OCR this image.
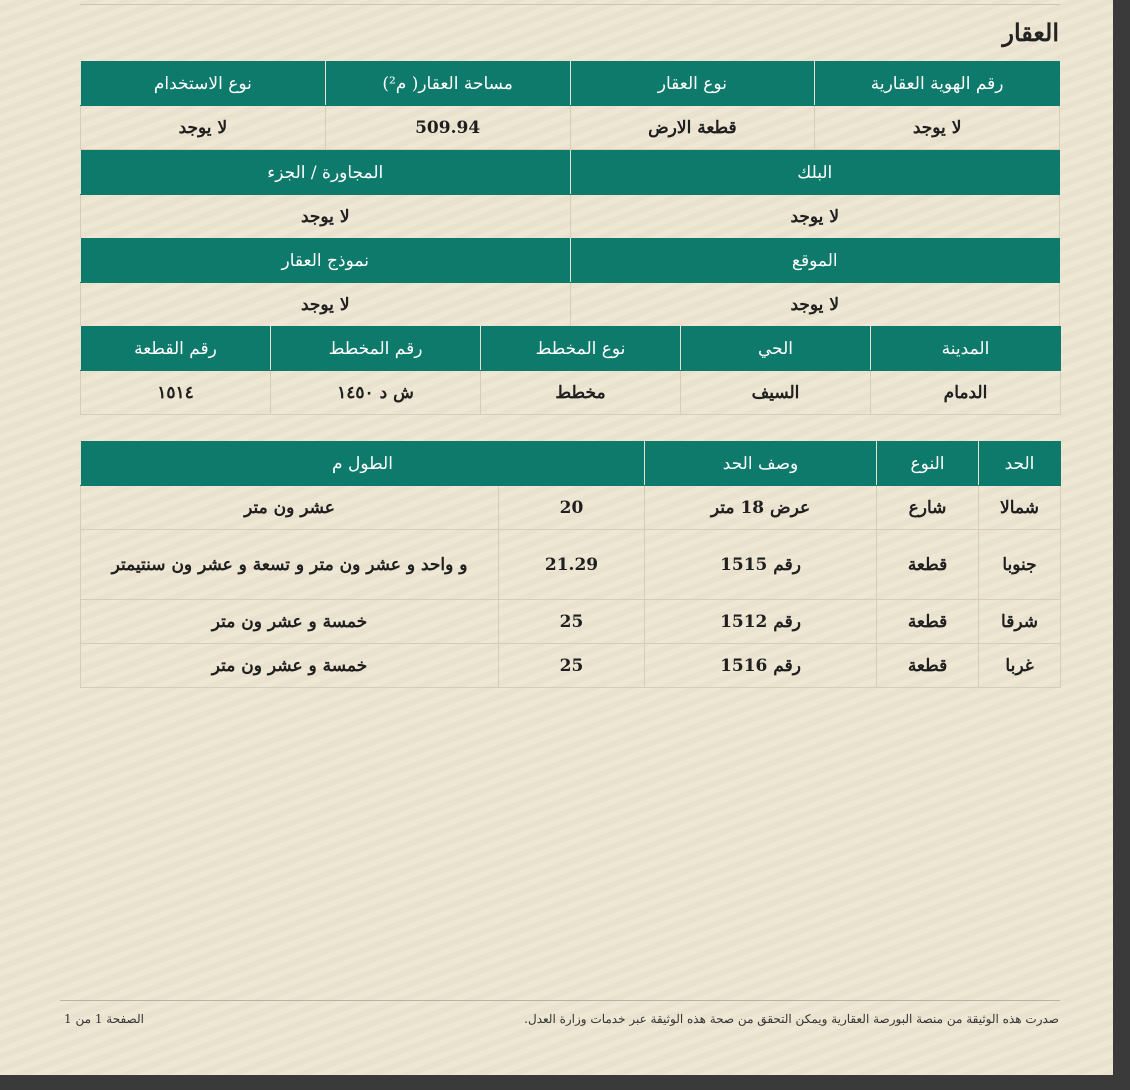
العقار
رقم الهوية العقارية	نوع العقار	مساحة العقار( م²)	نوع الاستخدام
لا يوجد	قطعة الارض	509.94	لا يوجد
البلك	المجاورة / الجزء
لا يوجد	لا يوجد
الموقع	نموذج العقار
لا يوجد	لا يوجد
المدينة	الحي	نوع المخطط	رقم المخطط	رقم القطعة
الدمام	السيف	مخطط	ش د ١٤٥٠	١٥١٤
الحد	النوع	وصف الحد	الطول م	
شمالا	شارع	عرض 18 متر	20	عشر ون متر
جنوبا	قطعة	رقم 1515	21.29	و واحد و عشر ون متر و تسعة و عشر ون سنتيمتر
شرقا	قطعة	رقم 1512	25	خمسة و عشر ون متر
غربا	قطعة	رقم 1516	25	خمسة و عشر ون متر
صدرت هذه الوثيقة من منصة البورصة العقارية ويمكن التحقق من صحة هذه الوثيقة عبر خدمات وزارة العدل.
الصفحة 1 من 1
